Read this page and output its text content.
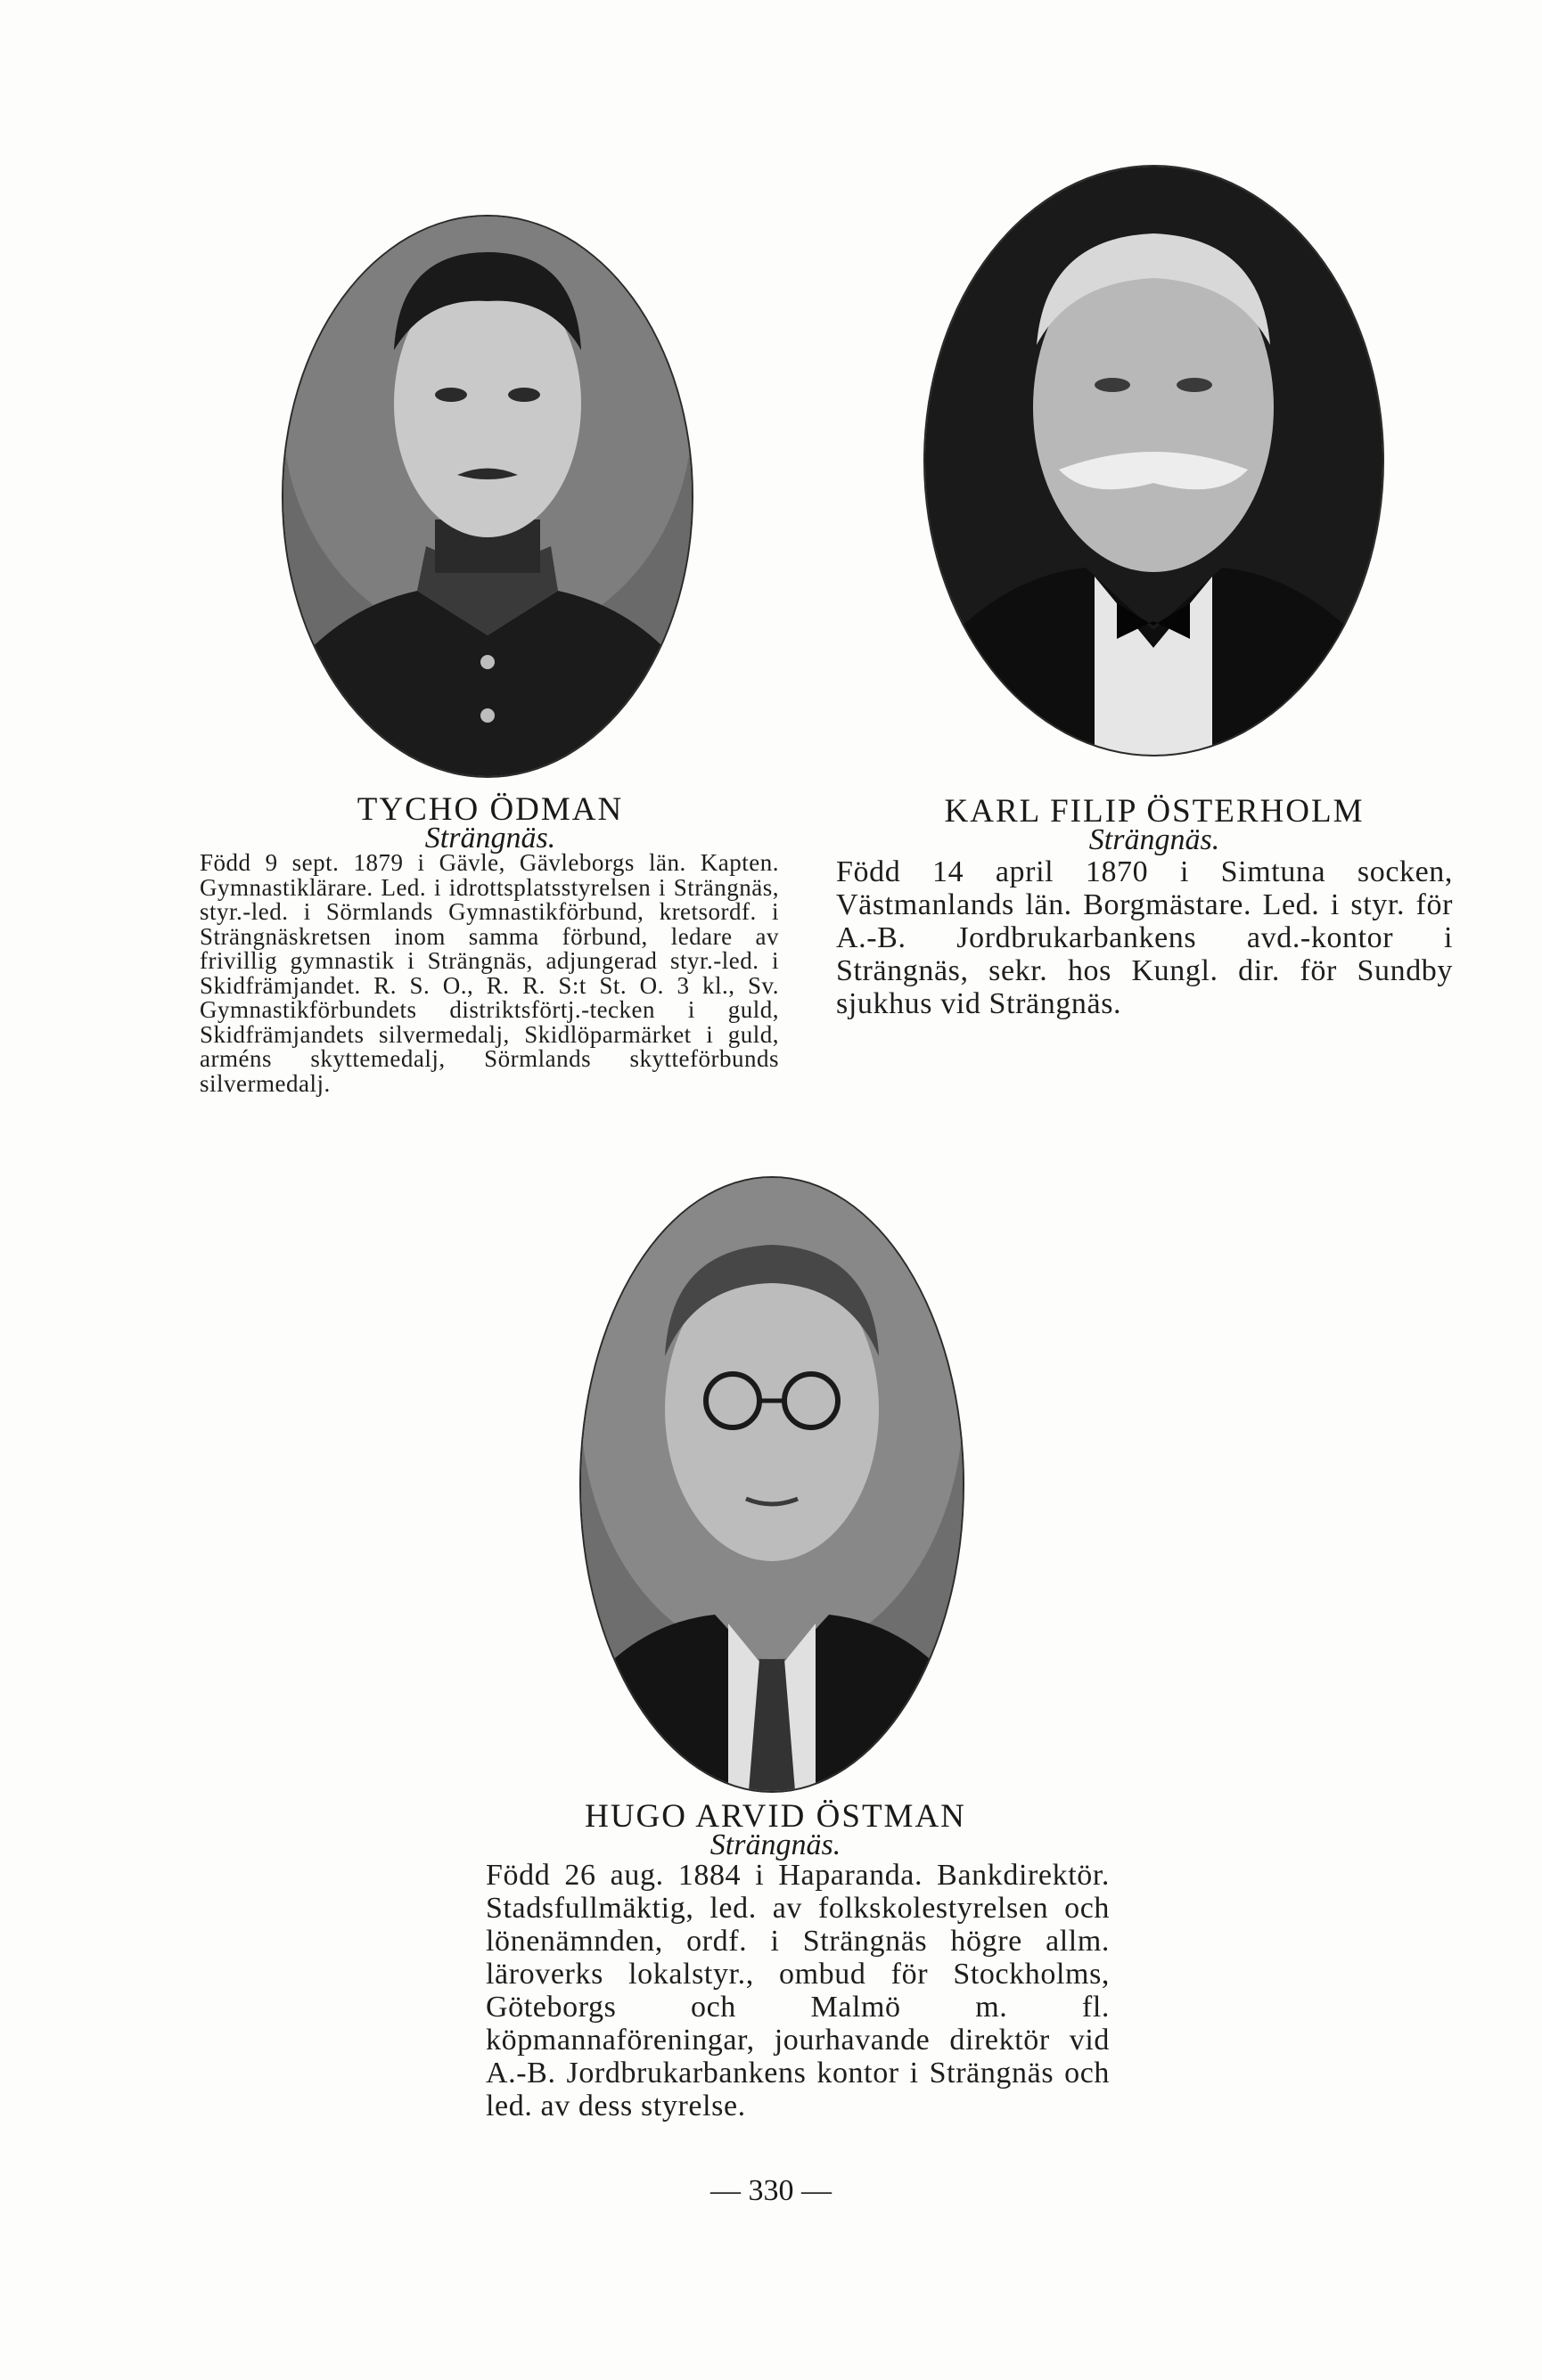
TYCHO ÖDMAN
Strängnäs.
Född 9 sept. 1879 i Gävle, Gävleborgs län. Kapten. Gymnastiklärare. Led. i idrottsplatsstyrelsen i Strängnäs, styr.-led. i Sörmlands Gymnastikförbund, kretsordf. i Strängnäskretsen inom samma förbund, ledare av frivillig gymnastik i Strängnäs, adjungerad styr.-led. i Skidfrämjandet. R. S. O., R. R. S:t St. O. 3 kl., Sv. Gymnastikförbundets distriktsförtj.-tecken i guld, Skidfrämjandets silvermedalj, Skidlöparmärket i guld, arméns skyttemedalj, Sörmlands skytteförbunds silvermedalj.
KARL FILIP ÖSTERHOLM
Strängnäs.
Född 14 april 1870 i Simtuna socken, Västmanlands län. Borgmästare. Led. i styr. för A.-B. Jordbrukarbankens avd.-kontor i Strängnäs, sekr. hos Kungl. dir. för Sundby sjukhus vid Strängnäs.
HUGO ARVID ÖSTMAN
Strängnäs.
Född 26 aug. 1884 i Haparanda. Bankdirektör. Stadsfullmäktig, led. av folkskolestyrelsen och lönenämnden, ordf. i Strängnäs högre allm. läroverks lokalstyr., ombud för Stockholms, Göteborgs och Malmö m. fl. köpmannaföreningar, jourhavande direktör vid A.-B. Jordbrukarbankens kontor i Strängnäs och led. av dess styrelse.
— 330 —
